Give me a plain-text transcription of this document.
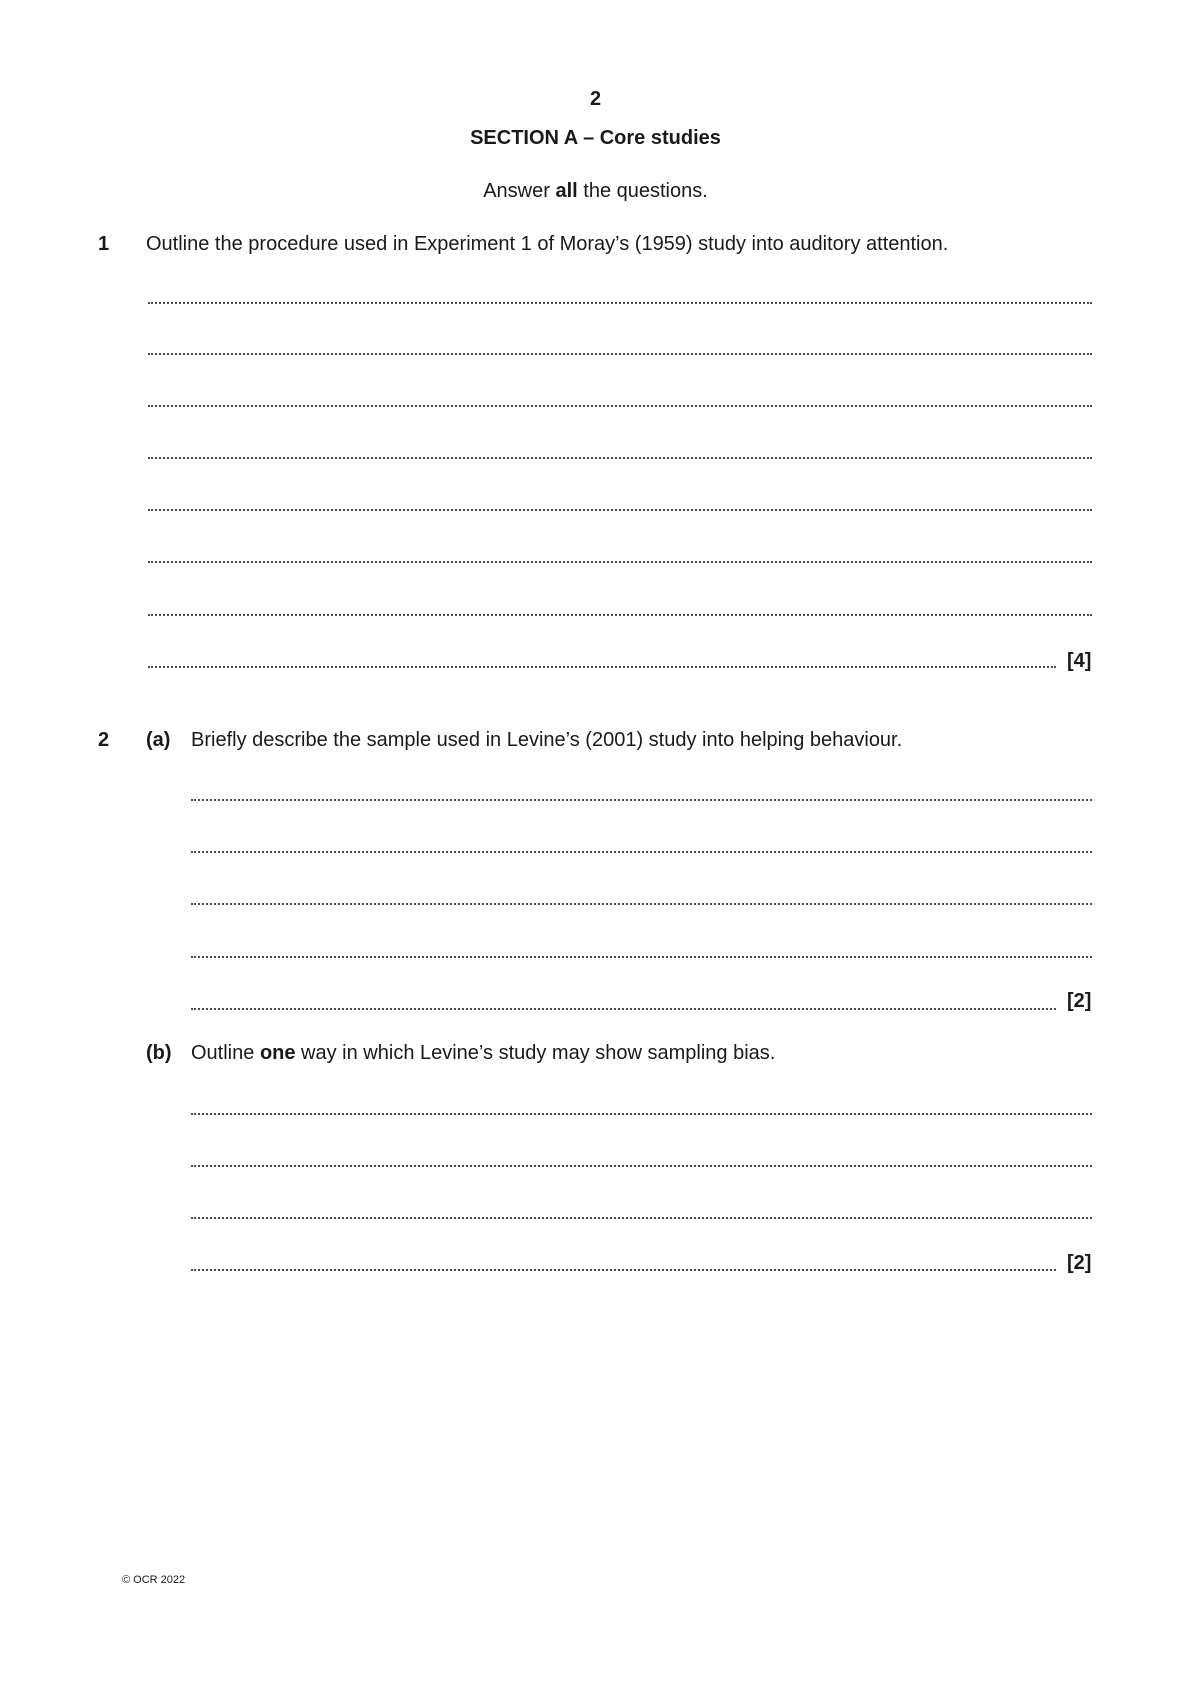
2
SECTION A – Core studies
Answer all the questions.
1 Outline the procedure used in Experiment 1 of Moray’s (1959) study into auditory attention.
[4]
2 (a) Briefly describe the sample used in Levine’s (2001) study into helping behaviour.
[2]
(b) Outline one way in which Levine’s study may show sampling bias.
[2]
© OCR 2022
